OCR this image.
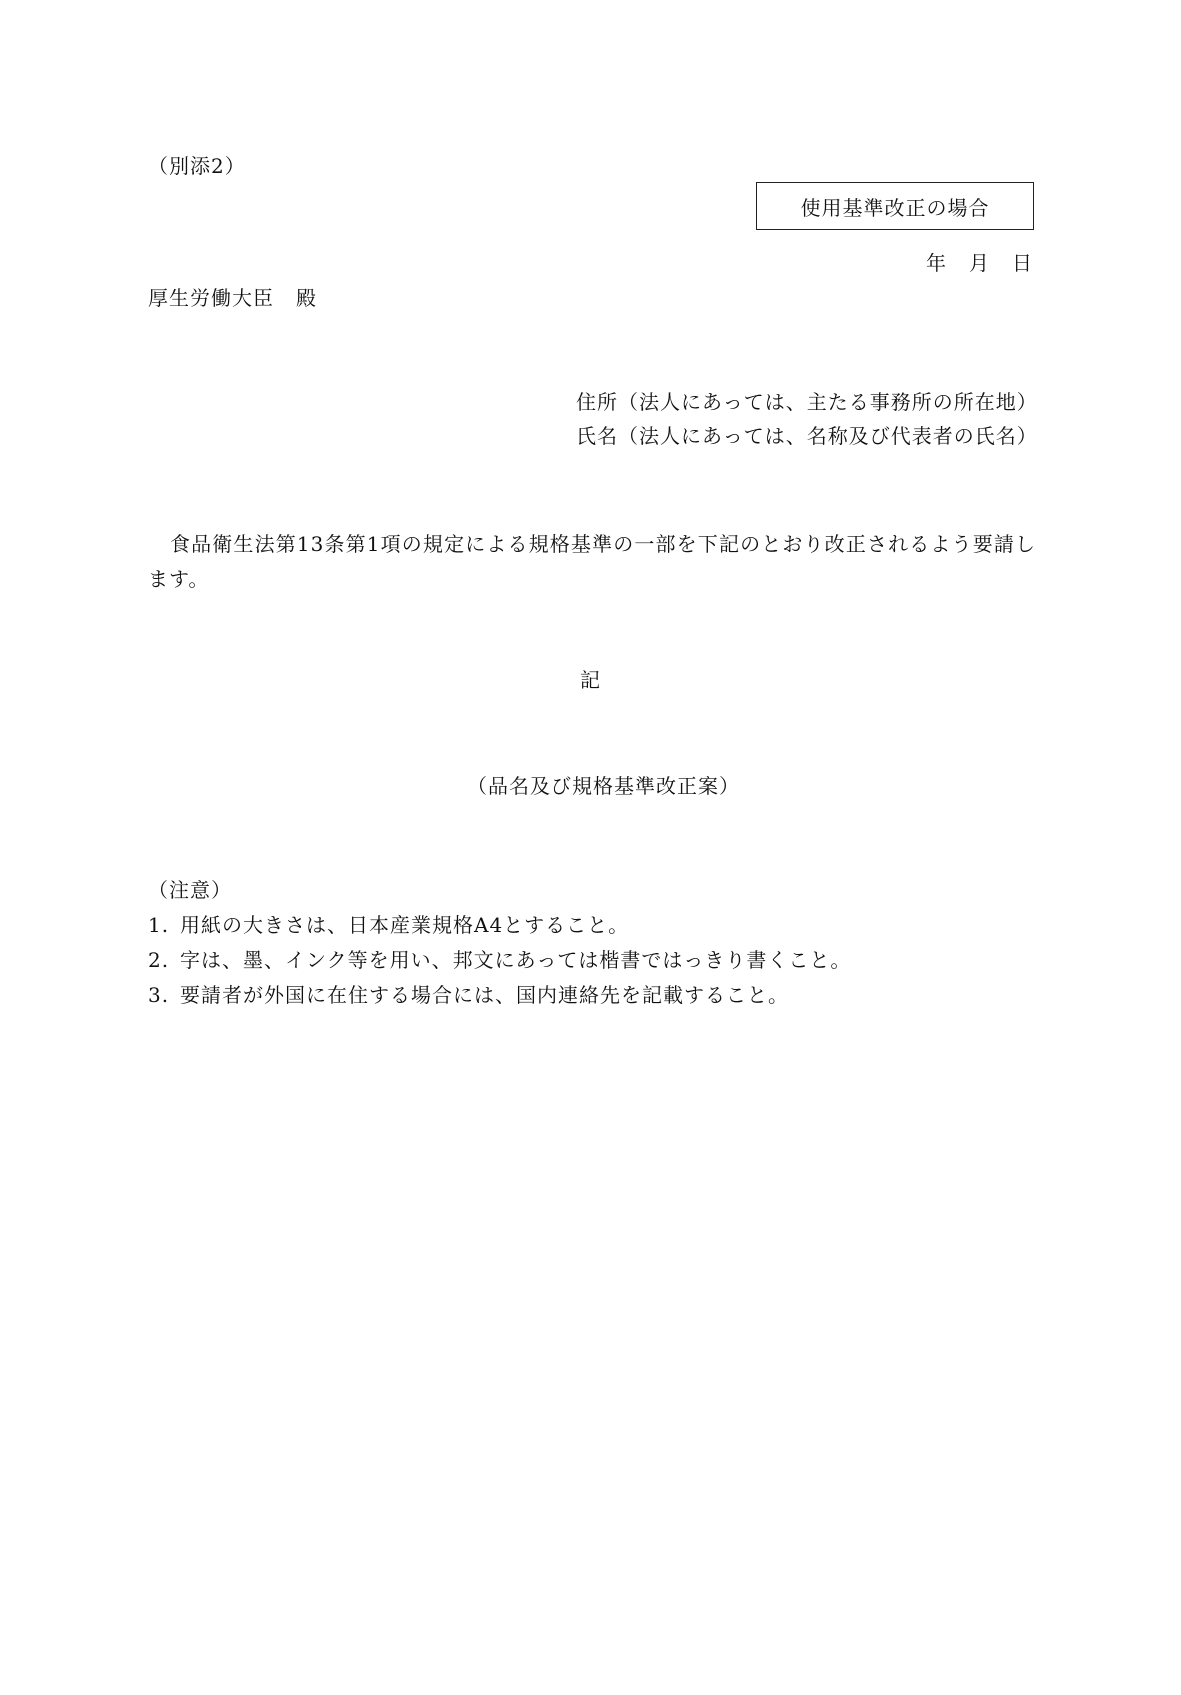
（別添2）
使用基準改正の場合
年 月 日
厚生労働大臣 殿
住所（法人にあっては、主たる事務所の所在地）
氏名（法人にあっては、名称及び代表者の氏名）
食品衛生法第13条第1項の規定による規格基準の一部を下記のとおり改正されるよう要請します。
記
（品名及び規格基準改正案）
（注意）
1. 用紙の大きさは、日本産業規格A4とすること。
2. 字は、墨、インク等を用い、邦文にあっては楷書ではっきり書くこと。
3. 要請者が外国に在住する場合には、国内連絡先を記載すること。
